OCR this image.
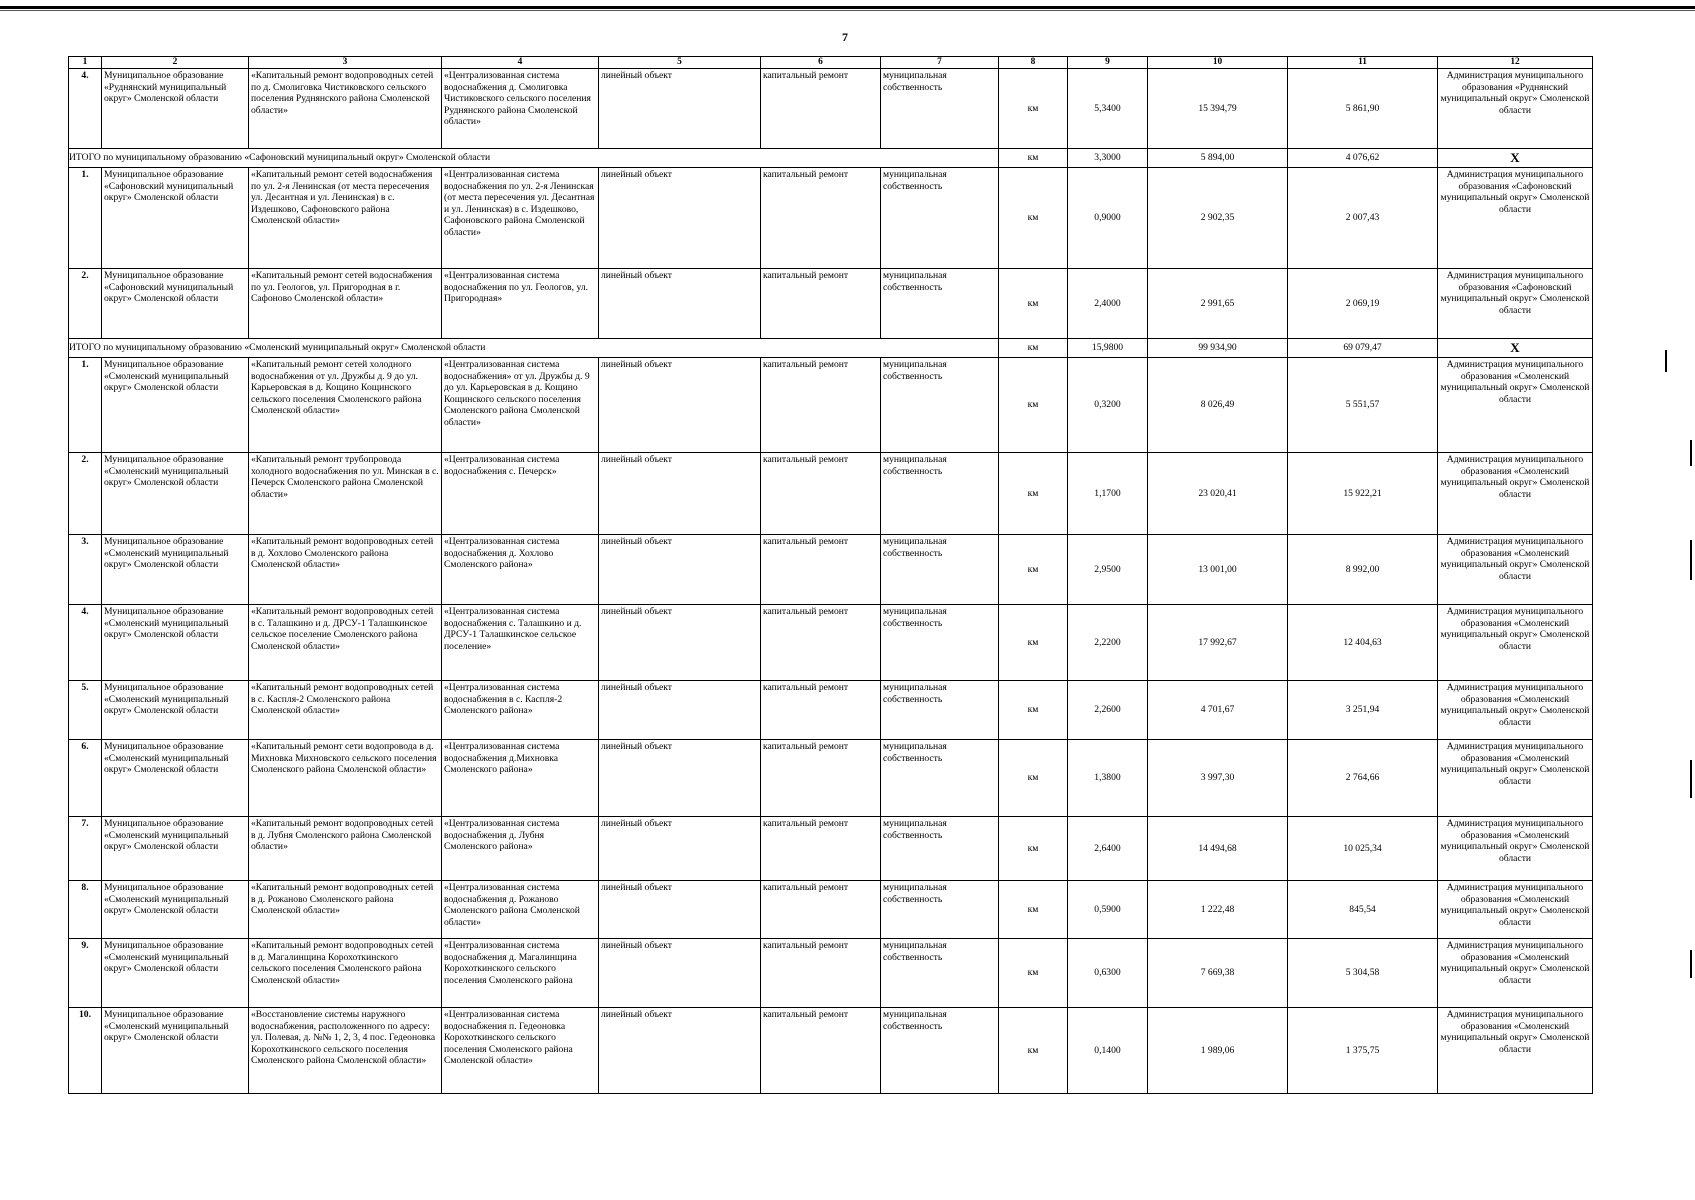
7
1	2	3	4	5	6	7	8	9	10	11	12
4.	Муниципальное образование «Руднянский муниципальный округ» Смоленской области	«Капитальный ремонт водопроводных сетей по д. Смолиговка Чистиковского сельского поселения Руднянского района Смоленской области»	«Централизованная система водоснабжения д. Смолиговка Чистиковского сельского поселения Руднянского района Смоленской области»	линейный объект	капитальный ремонт	муниципальная собственность	км	5,3400	15 394,79	5 861,90	Администрация муниципального образования «Руднянский муниципальный округ» Смоленской области
ИТОГО по муниципальному образованию «Сафоновский муниципальный округ» Смоленской области							км	3,3000	5 894,00	4 076,62	X
1.	Муниципальное образование «Сафоновский муниципальный округ» Смоленской области	«Капитальный ремонт сетей водоснабжения по ул. 2-я Ленинская (от места пересечения ул. Десантная и ул. Ленинская) в с. Издешково, Сафоновского района Смоленской области»	«Централизованная система водоснабжения по ул. 2-я Ленинская (от места пересечения ул. Десантная и ул. Ленинская) в с. Издешково, Сафоновского района Смоленской области»	линейный объект	капитальный ремонт	муниципальная собственность	км	0,9000	2 902,35	2 007,43	Администрация муниципального образования «Сафоновский муниципальный округ» Смоленской области
2.	Муниципальное образование «Сафоновский муниципальный округ» Смоленской области	«Капитальный ремонт сетей водоснабжения по ул. Геологов, ул. Пригородная в г. Сафоново Смоленской области»	«Централизованная система водоснабжения по ул. Геологов, ул. Пригородная»	линейный объект	капитальный ремонт	муниципальная собственность	км	2,4000	2 991,65	2 069,19	Администрация муниципального образования «Сафоновский муниципальный округ» Смоленской области
ИТОГО по муниципальному образованию «Смоленский муниципальный округ» Смоленской области							км	15,9800	99 934,90	69 079,47	X
1.	Муниципальное образование «Смоленский муниципальный округ» Смоленской области	«Капитальный ремонт сетей холодного водоснабжения от ул. Дружбы д. 9 до ул. Карьеровская в д. Кощино Кощинского сельского поселения Смоленского района Смоленской области»	«Централизованная система водоснабжения» от ул. Дружбы д. 9 до ул. Карьеровская в д. Кощино Кощинского сельского поселения Смоленского района Смоленской области»	линейный объект	капитальный ремонт	муниципальная собственность	км	0,3200	8 026,49	5 551,57	Администрация муниципального образования «Смоленский муниципальный округ» Смоленской области
2.	Муниципальное образование «Смоленский муниципальный округ» Смоленской области	«Капитальный ремонт трубопровода холодного водоснабжения по ул. Минская в с. Печерск Смоленского района Смоленской области»	«Централизованная система водоснабжения с. Печерск»	линейный объект	капитальный ремонт	муниципальная собственность	км	1,1700	23 020,41	15 922,21	Администрация муниципального образования «Смоленский муниципальный округ» Смоленской области
3.	Муниципальное образование «Смоленский муниципальный округ» Смоленской области	«Капитальный ремонт водопроводных сетей в д. Хохлово Смоленского района Смоленской области»	«Централизованная система водоснабжения д. Хохлово Смоленского района»	линейный объект	капитальный ремонт	муниципальная собственность	км	2,9500	13 001,00	8 992,00	Администрация муниципального образования «Смоленский муниципальный округ» Смоленской области
4.	Муниципальное образование «Смоленский муниципальный округ» Смоленской области	«Капитальный ремонт водопроводных сетей в с. Талашкино и д. ДРСУ-1 Талашкинское сельское поселение Смоленского района Смоленской области»	«Централизованная система водоснабжения с. Талашкино и д. ДРСУ-1 Талашкинское сельское поселение»	линейный объект	капитальный ремонт	муниципальная собственность	км	2,2200	17 992,67	12 404,63	Администрация муниципального образования «Смоленский муниципальный округ» Смоленской области
5.	Муниципальное образование «Смоленский муниципальный округ» Смоленской области	«Капитальный ремонт водопроводных сетей в с. Каспля-2 Смоленского района Смоленской области»	«Централизованная система водоснабжения в с. Каспля-2 Смоленского района»	линейный объект	капитальный ремонт	муниципальная собственность	км	2,2600	4 701,67	3 251,94	Администрация муниципального образования «Смоленский муниципальный округ» Смоленской области
6.	Муниципальное образование «Смоленский муниципальный округ» Смоленской области	«Капитальный ремонт сети водопровода в д. Михновка Михновского сельского поселения Смоленского района Смоленской области»	«Централизованная система водоснабжения д.Михновка Смоленского района»	линейный объект	капитальный ремонт	муниципальная собственность	км	1,3800	3 997,30	2 764,66	Администрация муниципального образования «Смоленский муниципальный округ» Смоленской области
7.	Муниципальное образование «Смоленский муниципальный округ» Смоленской области	«Капитальный ремонт водопроводных сетей в д. Лубня Смоленского района Смоленской области»	«Централизованная система водоснабжения д. Лубня Смоленского района»	линейный объект	капитальный ремонт	муниципальная собственность	км	2,6400	14 494,68	10 025,34	Администрация муниципального образования «Смоленский муниципальный округ» Смоленской области
8.	Муниципальное образование «Смоленский муниципальный округ» Смоленской области	«Капитальный ремонт водопроводных сетей в д. Рожаново Смоленского района Смоленской области»	«Централизованная система водоснабжения д. Рожаново Смоленского района Смоленской области»	линейный объект	капитальный ремонт	муниципальная собственность	км	0,5900	1 222,48	845,54	Администрация муниципального образования «Смоленский муниципальный округ» Смоленской области
9.	Муниципальное образование «Смоленский муниципальный округ» Смоленской области	«Капитальный ремонт водопроводных сетей в д. Магалинщина Корохоткинского сельского поселения Смоленского района Смоленской области»	«Централизованная система водоснабжения д. Магалинщина Корохоткинского сельского поселения Смоленского района	линейный объект	капитальный ремонт	муниципальная собственность	км	0,6300	7 669,38	5 304,58	Администрация муниципального образования «Смоленский муниципальный округ» Смоленской области
10.	Муниципальное образование «Смоленский муниципальный округ» Смоленской области	«Восстановление системы наружного водоснабжения, расположенного по адресу: ул. Полевая, д. №№ 1, 2, 3, 4 пос. Гедеоновка Корохоткинского сельского поселения Смоленского района Смоленской области»	«Централизованная система водоснабжения п. Гедеоновка Корохоткинского сельского поселения Смоленского района Смоленской области»	линейный объект	капитальный ремонт	муниципальная собственность	км	0,1400	1 989,06	1 375,75	Администрация муниципального образования «Смоленский муниципальный округ» Смоленской области
